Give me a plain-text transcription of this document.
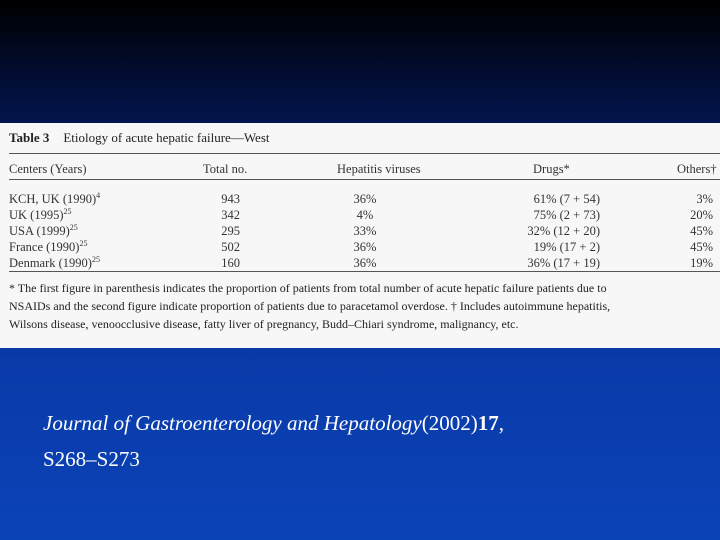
Table 3 Etiology of acute hepatic failure—West
Centers (Years)	Total no.	Hepatitis viruses	Drugs*	Others†
KCH, UK $(1990)^4$	943	36%	61% (7 + 54)	3%
UK $(1995)^{25}$	342	4%	75% (2 + 73)	20%
USA $(1999)^{25}$	295	33%	32% (12 + 20)	45%
France $(1990)^{25}$	502	36%	19% (17 + 2)	45%
Denmark $(1990)^{25}$	160	36%	36% (17 + 19)	19%
* The first figure in parenthesis indicates the proportion of patients from total number of acute hepatic failure patients due to
NSAIDs and the second figure indicate proportion of patients due to paracetamol overdose. † Includes autoimmune hepatitis,
Wilsons disease, venoocclusive disease, fatty liver of pregnancy, Budd–Chiari syndrome, malignancy, etc.
Journal of Gastroenterology and Hepatology(2002)17,
S268–S273
